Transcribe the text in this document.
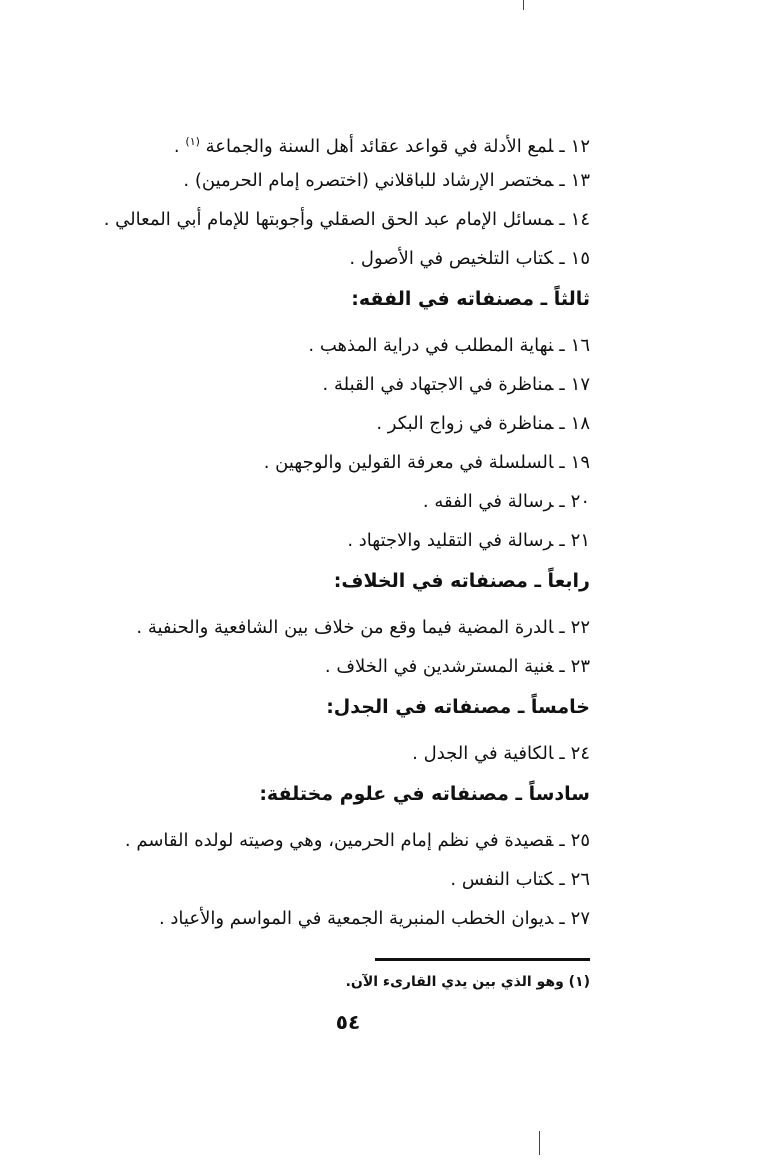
١٢ـلمع الأدلة في قواعد عقائد أهل السنة والجماعة $^{(١)}$ .
١٣ـمختصر الإرشاد للباقلاني (اختصره إمام الحرمين) .
١٤ـمسائل الإمام عبد الحق الصقلي وأجوبتها للإمام أبي المعالي .
١٥ـكتاب التلخيص في الأصول .
ثالثاً ـ مصنفاته في الفقه:
١٦ـنهاية المطلب في دراية المذهب .
١٧ـمناظرة في الاجتهاد في القبلة .
١٨ـمناظرة في زواج البكر .
١٩ـالسلسلة في معرفة القولين والوجهين .
٢٠ـرسالة في الفقه .
٢١ـرسالة في التقليد والاجتهاد .
رابعاً ـ مصنفاته في الخلاف:
٢٢ـالدرة المضية فيما وقع من خلاف بين الشافعية والحنفية .
٢٣ـغنية المسترشدين في الخلاف .
خامساً ـ مصنفاته في الجدل:
٢٤ـالكافية في الجدل .
سادساً ـ مصنفاته في علوم مختلفة:
٢٥ـقصيدة في نظم إمام الحرمين، وهي وصيته لولده القاسم .
٢٦ـكتاب النفس .
٢٧ـديوان الخطب المنبرية الجمعية في المواسم والأعياد .
(١) وهو الذي بين يدي القارىء الآن.
٥٤
